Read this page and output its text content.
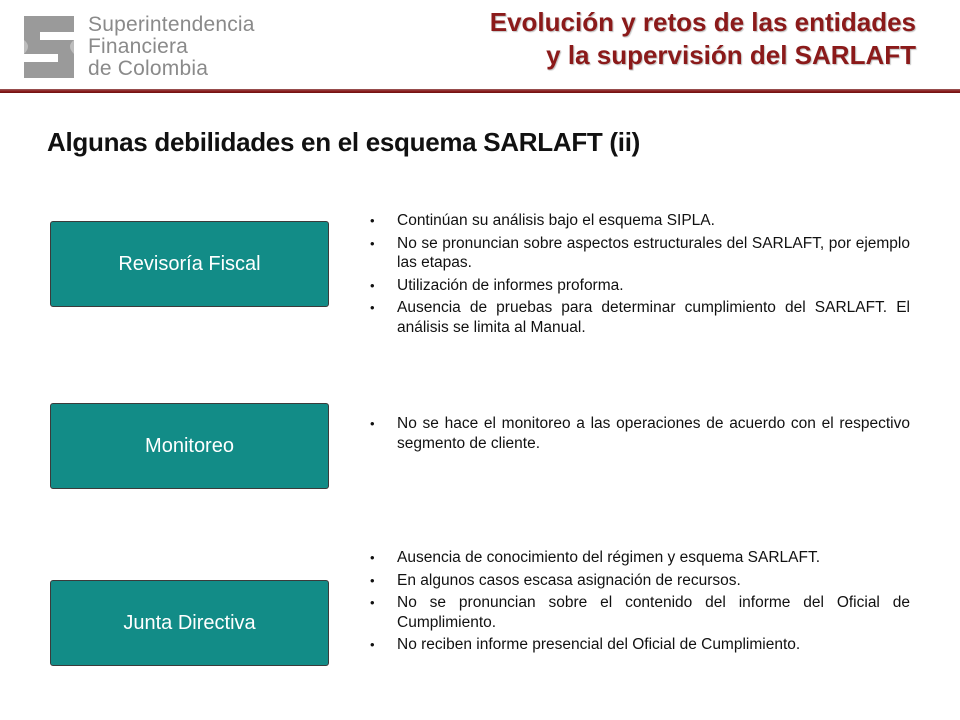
Superintendencia
Financiera
de Colombia
Evolución y retos de las entidades
y la supervisión del SARLAFT
Algunas debilidades en el esquema SARLAFT (ii)
Revisoría Fiscal
• Continúan su análisis bajo el esquema SIPLA.
• No se pronuncian sobre aspectos estructurales del SARLAFT, por ejemplo las etapas.
• Utilización de informes proforma.
• Ausencia de pruebas para determinar cumplimiento del SARLAFT. El análisis se limita al Manual.
Monitoreo
• No se hace el monitoreo a las operaciones de acuerdo con el respectivo segmento de cliente.
Junta Directiva
• Ausencia de conocimiento del régimen y esquema SARLAFT.
• En algunos casos escasa asignación de recursos.
• No se pronuncian sobre el contenido del informe del Oficial de Cumplimiento.
• No reciben informe presencial del Oficial de Cumplimiento.
